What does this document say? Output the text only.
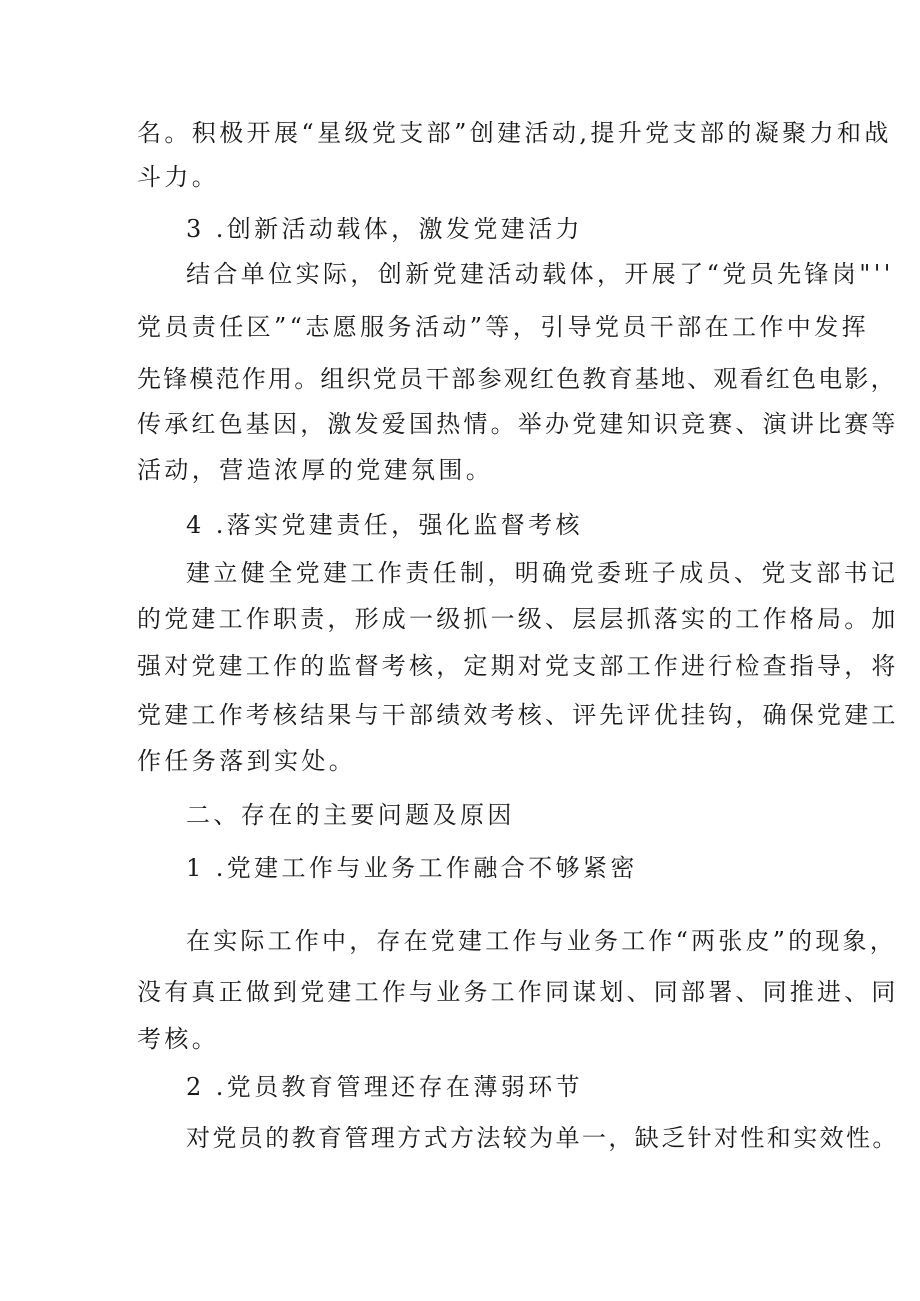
名。积极开展“星级党支部”创建活动,提升党支部的凝聚力和战
斗力。
3 .创新活动载体，激发党建活力
结合单位实际，创新党建活动载体，开展了“党员先锋岗"''
党员责任区”“志愿服务活动”等，引导党员干部在工作中发挥
先锋模范作用。组织党员干部参观红色教育基地、观看红色电影，
传承红色基因，激发爱国热情。举办党建知识竞赛、演讲比赛等
活动，营造浓厚的党建氛围。
4 .落实党建责任，强化监督考核
建立健全党建工作责任制，明确党委班子成员、党支部书记
的党建工作职责，形成一级抓一级、层层抓落实的工作格局。加
强对党建工作的监督考核，定期对党支部工作进行检查指导，将
党建工作考核结果与干部绩效考核、评先评优挂钩，确保党建工
作任务落到实处。
二、存在的主要问题及原因
1 .党建工作与业务工作融合不够紧密
在实际工作中，存在党建工作与业务工作“两张皮”的现象，
没有真正做到党建工作与业务工作同谋划、同部署、同推进、同
考核。
2 .党员教育管理还存在薄弱环节
对党员的教育管理方式方法较为单一，缺乏针对性和实效性。
